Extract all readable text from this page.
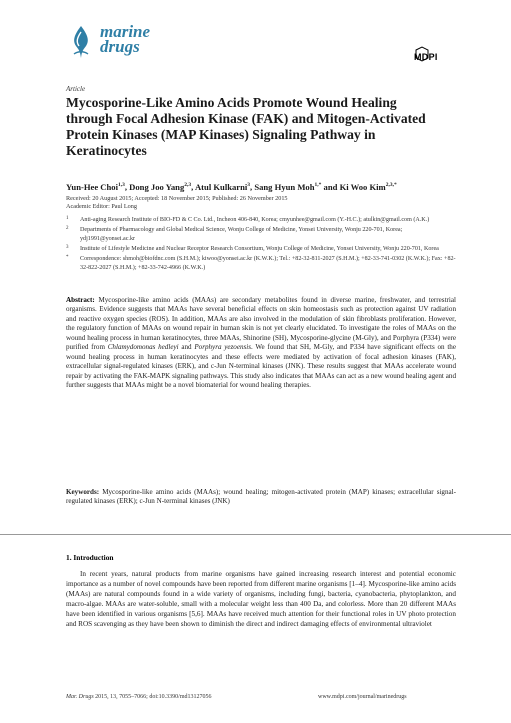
marine
drugs
MDPI
Article
Mycosporine-Like Amino Acids Promote Wound Healing through Focal Adhesion Kinase (FAK) and Mitogen-Activated Protein Kinases (MAP Kinases) Signaling Pathway in Keratinocytes
Yun-Hee Choi$^{1,3}$, Dong Joo Yang$^{2,3}$, Atul Kulkarni$^3$, Sang Hyun Moh$^{1,*}$ and Ki Woo Kim$^{2,3,*}$
Received: 20 August 2015; Accepted: 18 November 2015; Published: 26 November 2015
Academic Editor: Paul Long
1 Anti-aging Research Institute of BIO-FD & C Co. Ltd., Incheon 406-840, Korea; cmyunhee@gmail.com (Y.-H.C.); atulkin@gmail.com (A.K.)
2 Departments of Pharmacology and Global Medical Science, Wonju College of Medicine, Yonsei University, Wonju 220-701, Korea; ydj1991@yonsei.ac.kr
3 Institute of Lifestyle Medicine and Nuclear Receptor Research Consortium, Wonju College of Medicine, Yonsei University, Wonju 220-701, Korea
* Correspondence: shmoh@biofdnc.com (S.H.M.); kiwoo@yonsei.ac.kr (K.W.K.); Tel.: +82-32-811-2027 (S.H.M.); +82-33-741-0302 (K.W.K.); Fax: +82-32-822-2027 (S.H.M.); +82-33-742-4966 (K.W.K.)
Abstract: Mycosporine-like amino acids (MAAs) are secondary metabolites found in diverse marine, freshwater, and terrestrial organisms. Evidence suggests that MAAs have several beneficial effects on skin homeostasis such as protection against UV radiation and reactive oxygen species (ROS). In addition, MAAs are also involved in the modulation of skin fibroblasts proliferation. However, the regulatory function of MAAs on wound repair in human skin is not yet clearly elucidated. To investigate the roles of MAAs on the wound healing process in human keratinocytes, three MAAs, Shinorine (SH), Mycosporine-glycine (M-Gly), and Porphyra (P334) were purified from Chlamydomonas hedleyi and Porphyra yezoensis. We found that SH, M-Gly, and P334 have significant effects on the wound healing process in human keratinocytes and these effects were mediated by activation of focal adhesion kinases (FAK), extracellular signal-regulated kinases (ERK), and c-Jun N-terminal kinases (JNK). These results suggest that MAAs accelerate wound repair by activating the FAK-MAPK signaling pathways. This study also indicates that MAAs can act as a new wound healing agent and further suggests that MAAs might be a novel biomaterial for wound healing therapies.
Keywords: Mycosporine-like amino acids (MAAs); wound healing; mitogen-activated protein (MAP) kinases; extracellular signal-regulated kinases (ERK); c-Jun N-terminal kinases (JNK)
1. Introduction
In recent years, natural products from marine organisms have gained increasing research interest and potential economic importance as a number of novel compounds have been reported from different marine organisms [1–4]. Mycosporine-like amino acids (MAAs) are natural compounds found in a wide variety of organisms, including fungi, bacteria, cyanobacteria, phytoplankton, and macro-algae. MAAs are water-soluble, small with a molecular weight less than 400 Da, and colorless. More than 20 different MAAs have been identified in various organisms [5,6]. MAAs have received much attention for their functional roles in UV photo protection and ROS scavenging as they have been shown to diminish the direct and indirect damaging effects of environmental ultraviolet
Mar. Drugs 2015, 13, 7055–7066; doi:10.3390/md13127056	www.mdpi.com/journal/marinedrugs
